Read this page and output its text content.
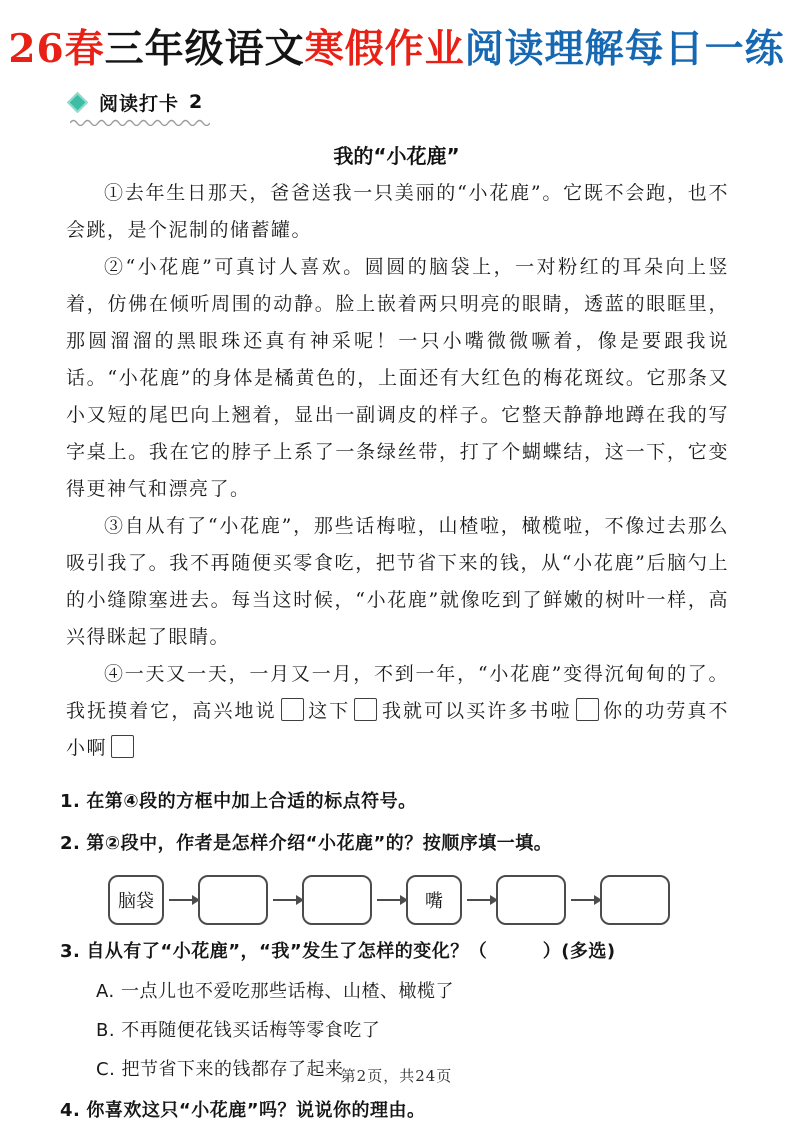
26春三年级语文寒假作业阅读理解每日一练
阅读打卡 2
我的“小花鹿”

①去年生日那天，爸爸送我一只美丽的“小花鹿”。它既不会跑，也不会跳，是个泥制的储蓄罐。

②“小花鹿”可真讨人喜欢。圆圆的脑袋上，一对粉红的耳朵向上竖着，仿佛在倾听周围的动静。脸上嵌着两只明亮的眼睛，透蓝的眼眶里，那圆溜溜的黑眼珠还真有神采呢！一只小嘴微微噘着，像是要跟我说话。“小花鹿”的身体是橘黄色的，上面还有大红色的梅花斑纹。它那条又小又短的尾巴向上翘着，显出一副调皮的样子。它整天静静地蹲在我的写字桌上。我在它的脖子上系了一条绿丝带，打了个蝴蝶结，这一下，它变得更神气和漂亮了。

③自从有了“小花鹿”，那些话梅啦，山楂啦，橄榄啦，不像过去那么吸引我了。我不再随便买零食吃，把节省下来的钱，从“小花鹿”后脑勺上的小缝隙塞进去。每当这时候，“小花鹿”就像吃到了鲜嫩的树叶一样，高兴得眯起了眼睛。

④一天又一天，一月又一月，不到一年，“小花鹿”变得沉甸甸的了。我抚摸着它，高兴地说 这下 我就可以买许多书啦 你的功劳真不小啊

1. 在第④段的方框中加上合适的标点符号。
2. 第②段中，作者是怎样介绍“小花鹿”的？按顺序填一填。
脑袋	嘴
3. 自从有了“小花鹿”，“我”发生了怎样的变化？（　　　）(多选)
A. 一点儿也不爱吃那些话梅、山楂、橄榄了
B. 不再随便花钱买话梅等零食吃了
C. 把节省下来的钱都存了起来
4. 你喜欢这只“小花鹿”吗？说说你的理由。
第2页，共24页
